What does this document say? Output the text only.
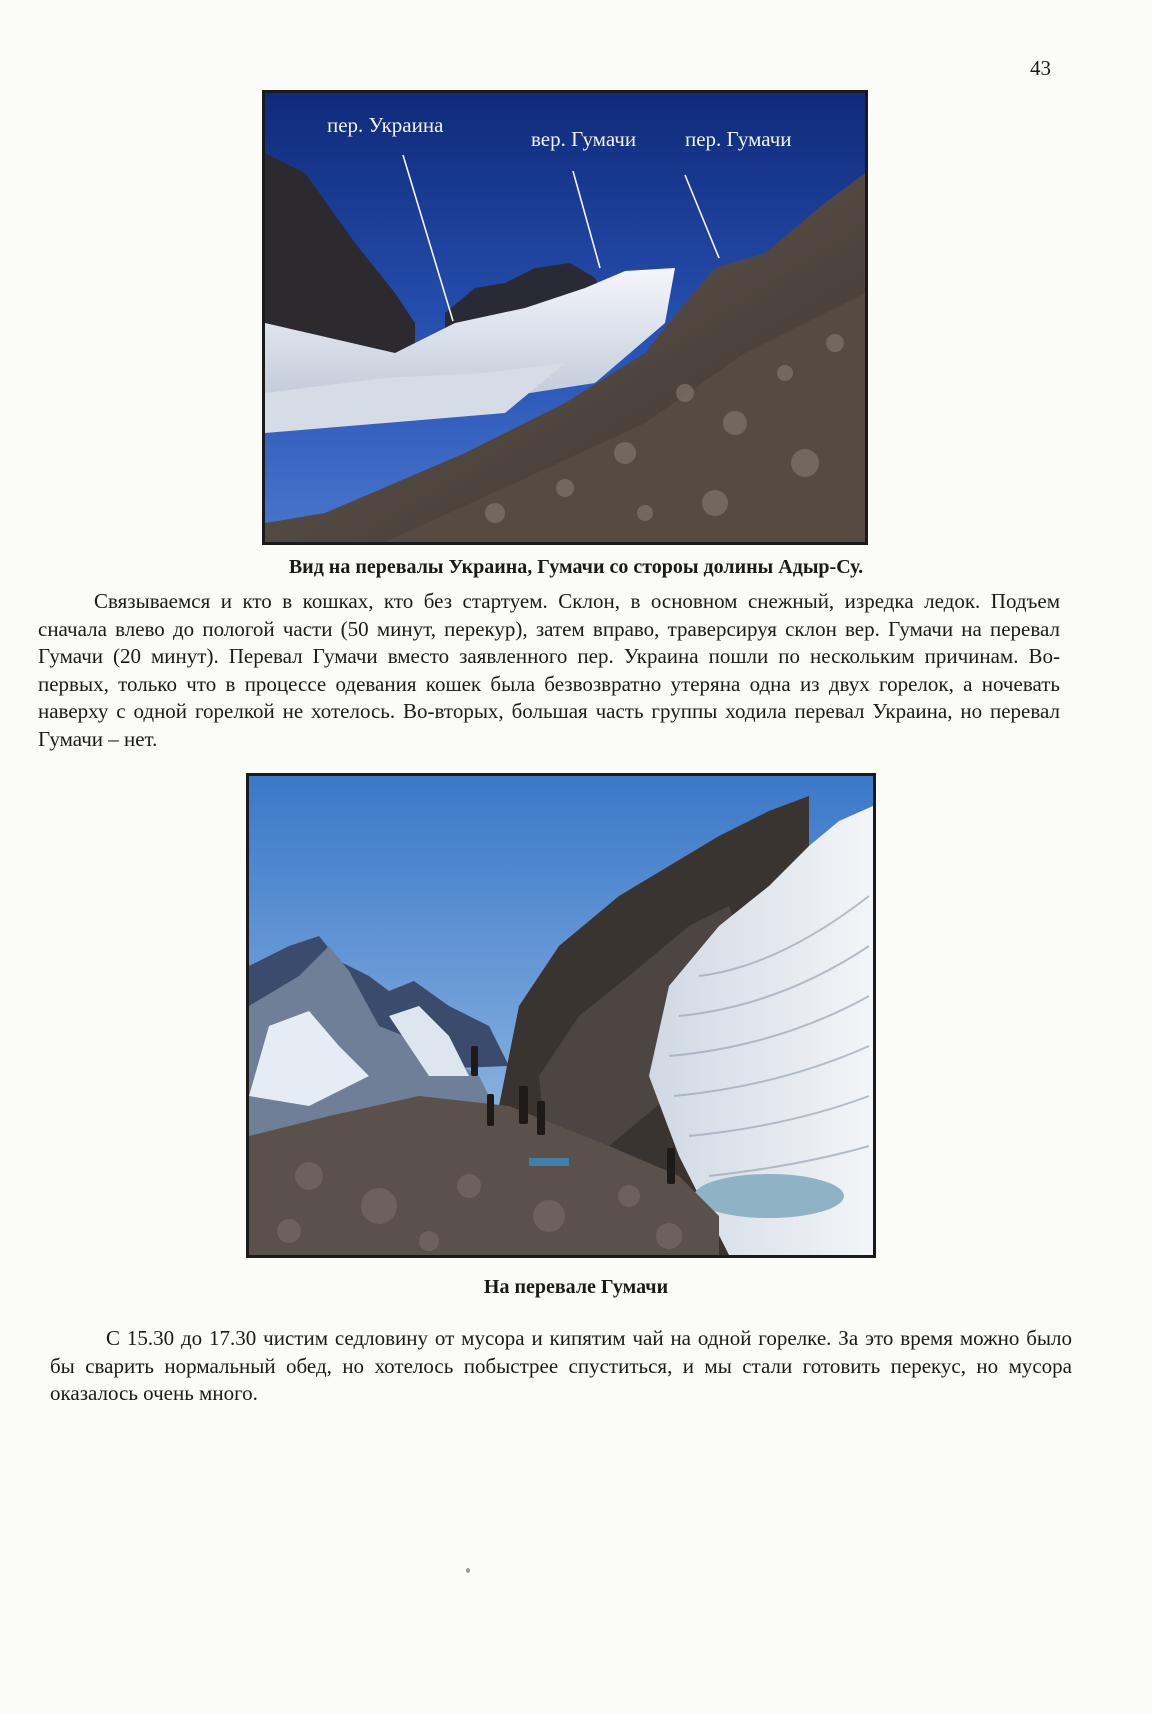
43
пер. Украина
вер. Гумачи пер. Гумачи
Вид на перевалы Украина, Гумачи со стороы долины Адыр-Су.

Связываемся и кто в кошках, кто без стартуем. Склон, в основном снежный, изредка ледок. Подъем сначала влево до пологой части (50 минут, перекур), затем вправо, траверсируя склон вер. Гумачи на перевал Гумачи (20 минут). Перевал Гумачи вместо заявленного пер. Украина пошли по нескольким причинам. Во-первых, только что в процессе одевания кошек была безвозвратно утеряна одна из двух горелок, а ночевать наверху с одной горелкой не хотелось. Во-вторых, большая часть группы ходила перевал Украина, но перевал Гумачи – нет.

На перевале Гумачи

С 15.30 до 17.30 чистим седловину от мусора и кипятим чай на одной горелке. За это время можно было бы сварить нормальный обед, но хотелось побыстрее спуститься, и мы стали готовить перекус, но мусора оказалось очень много.
